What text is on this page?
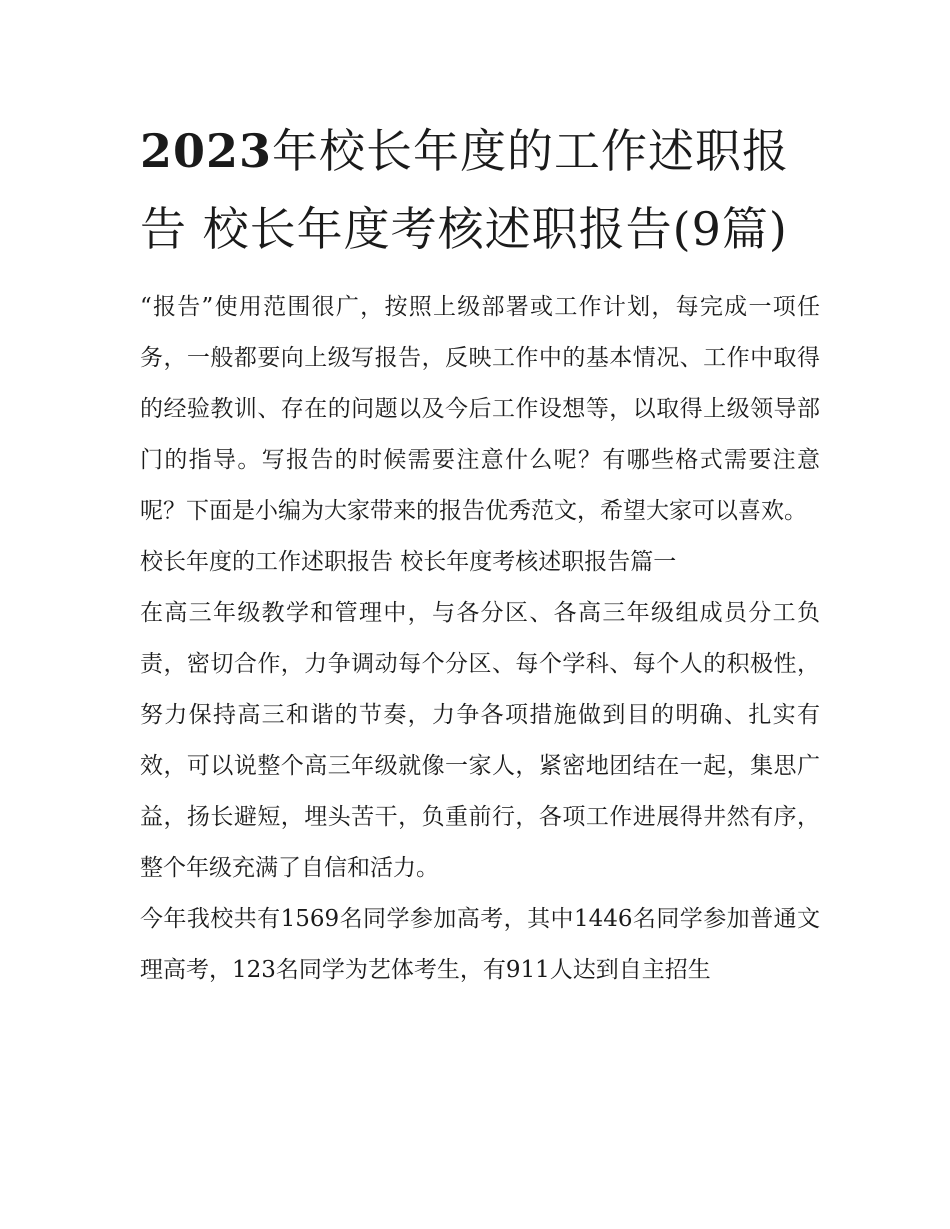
2023年校长年度的工作述职报告 校长年度考核述职报告(9篇)

“报告”使用范围很广，按照上级部署或工作计划，每完成一项任务，一般都要向上级写报告，反映工作中的基本情况、工作中取得的经验教训、存在的问题以及今后工作设想等，以取得上级领导部门的指导。写报告的时候需要注意什么呢？有哪些格式需要注意呢？下面是小编为大家带来的报告优秀范文，希望大家可以喜欢。

校长年度的工作述职报告 校长年度考核述职报告篇一

在高三年级教学和管理中，与各分区、各高三年级组成员分工负责，密切合作，力争调动每个分区、每个学科、每个人的积极性，努力保持高三和谐的节奏，力争各项措施做到目的明确、扎实有效，可以说整个高三年级就像一家人，紧密地团结在一起，集思广益，扬长避短，埋头苦干，负重前行，各项工作进展得井然有序，整个年级充满了自信和活力。

今年我校共有1569名同学参加高考，其中1446名同学参加普通文理高考，123名同学为艺体考生，有911人达到自主招生
